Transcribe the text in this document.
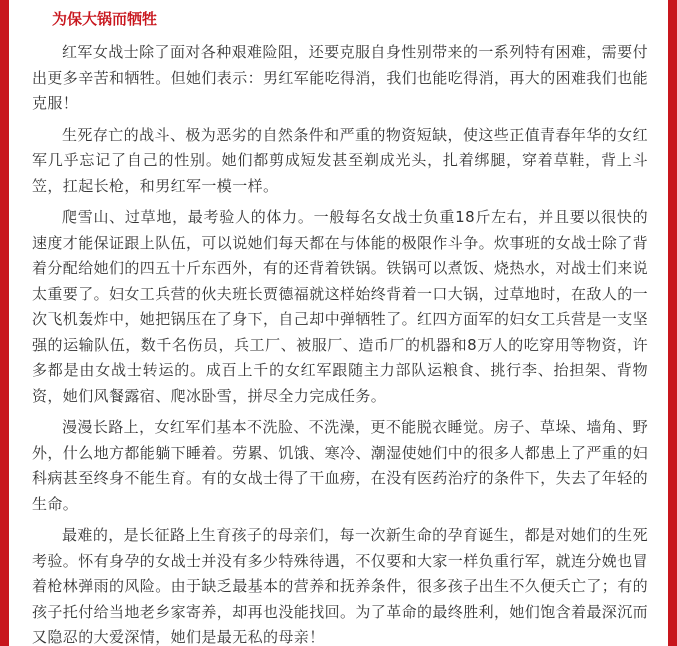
为保大锅而牺牲

红军女战士除了面对各种艰难险阻，还要克服自身性别带来的一系列特有困难，需要付出更多辛苦和牺牲。但她们表示：男红军能吃得消，我们也能吃得消，再大的困难我们也能克服！

生死存亡的战斗、极为恶劣的自然条件和严重的物资短缺，使这些正值青春年华的女红军几乎忘记了自己的性别。她们都剪成短发甚至剃成光头，扎着绑腿，穿着草鞋，背上斗笠，扛起长枪，和男红军一模一样。

爬雪山、过草地，最考验人的体力。一般每名女战士负重18斤左右，并且要以很快的速度才能保证跟上队伍，可以说她们每天都在与体能的极限作斗争。炊事班的女战士除了背着分配给她们的四五十斤东西外，有的还背着铁锅。铁锅可以煮饭、烧热水，对战士们来说太重要了。妇女工兵营的伙夫班长贾德福就这样始终背着一口大锅，过草地时，在敌人的一次飞机轰炸中，她把锅压在了身下，自己却中弹牺牲了。红四方面军的妇女工兵营是一支坚强的运输队伍，数千名伤员，兵工厂、被服厂、造币厂的机器和8万人的吃穿用等物资，许多都是由女战士转运的。成百上千的女红军跟随主力部队运粮食、挑行李、抬担架、背物资，她们风餐露宿、爬冰卧雪，拼尽全力完成任务。

漫漫长路上，女红军们基本不洗脸、不洗澡，更不能脱衣睡觉。房子、草垛、墙角、野外，什么地方都能躺下睡着。劳累、饥饿、寒冷、潮湿使她们中的很多人都患上了严重的妇科病甚至终身不能生育。有的女战士得了干血痨，在没有医药治疗的条件下，失去了年轻的生命。

最难的，是长征路上生育孩子的母亲们，每一次新生命的孕育诞生，都是对她们的生死考验。怀有身孕的女战士并没有多少特殊待遇，不仅要和大家一样负重行军，就连分娩也冒着枪林弹雨的风险。由于缺乏最基本的营养和抚养条件，很多孩子出生不久便夭亡了；有的孩子托付给当地老乡家寄养，却再也没能找回。为了革命的最终胜利，她们饱含着最深沉而又隐忍的大爱深情，她们是最无私的母亲！
